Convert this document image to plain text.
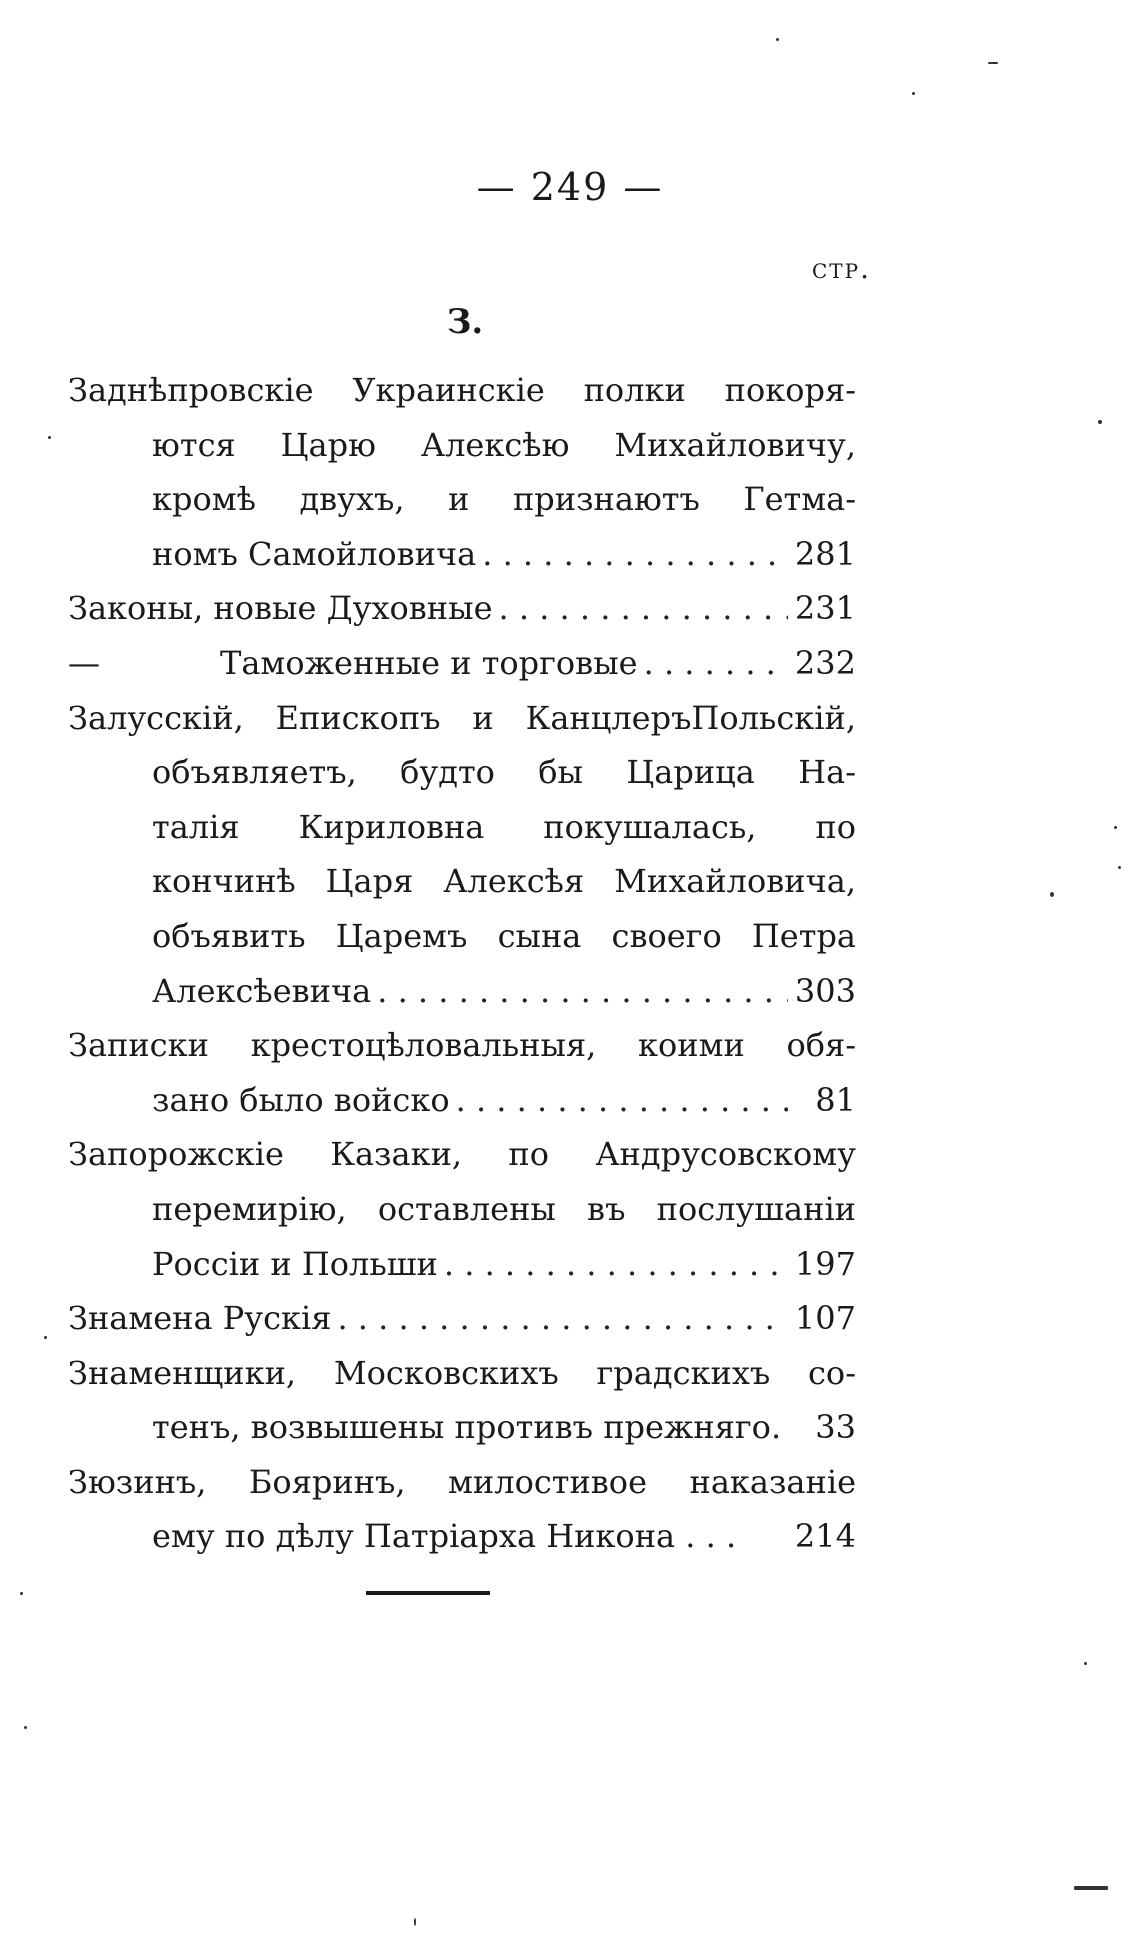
— 249 —
стр.
З.
Заднѣпровскіе Украинскіе полки покоря-
ются Царю Алексѣю Михайловичу,
кромѣ двухъ, и признаютъ Гетма-
номъ Самойловича . . .	281
Законы, новые Духовные . . .	231
—	Таможенные и торговые . . .	232
Залусскій, Епископъ и КанцлеръПольскій,
объявляетъ, будто бы Царица На-
талія Кириловна покушалась, по
кончинѣ Царя Алексѣя Михайловича,
объявить Царемъ сына своего Петра
Алексѣевича . . .	303
Записки крестоцѣловальныя, коими обя-
зано было войско . . .	81
Запорожскіе Казаки, по Андрусовскому
перемирію, оставлены въ послушаніи
Россіи и Польши . . .	197
Знамена Рускія . . .	107
Знаменщики, Московскихъ градскихъ со-
тенъ, возвышены противъ прежняго.	33
Зюзинъ, Бояринъ, милостивое наказаніе
ему по дѣлу Патріарха Никона . . . 214
